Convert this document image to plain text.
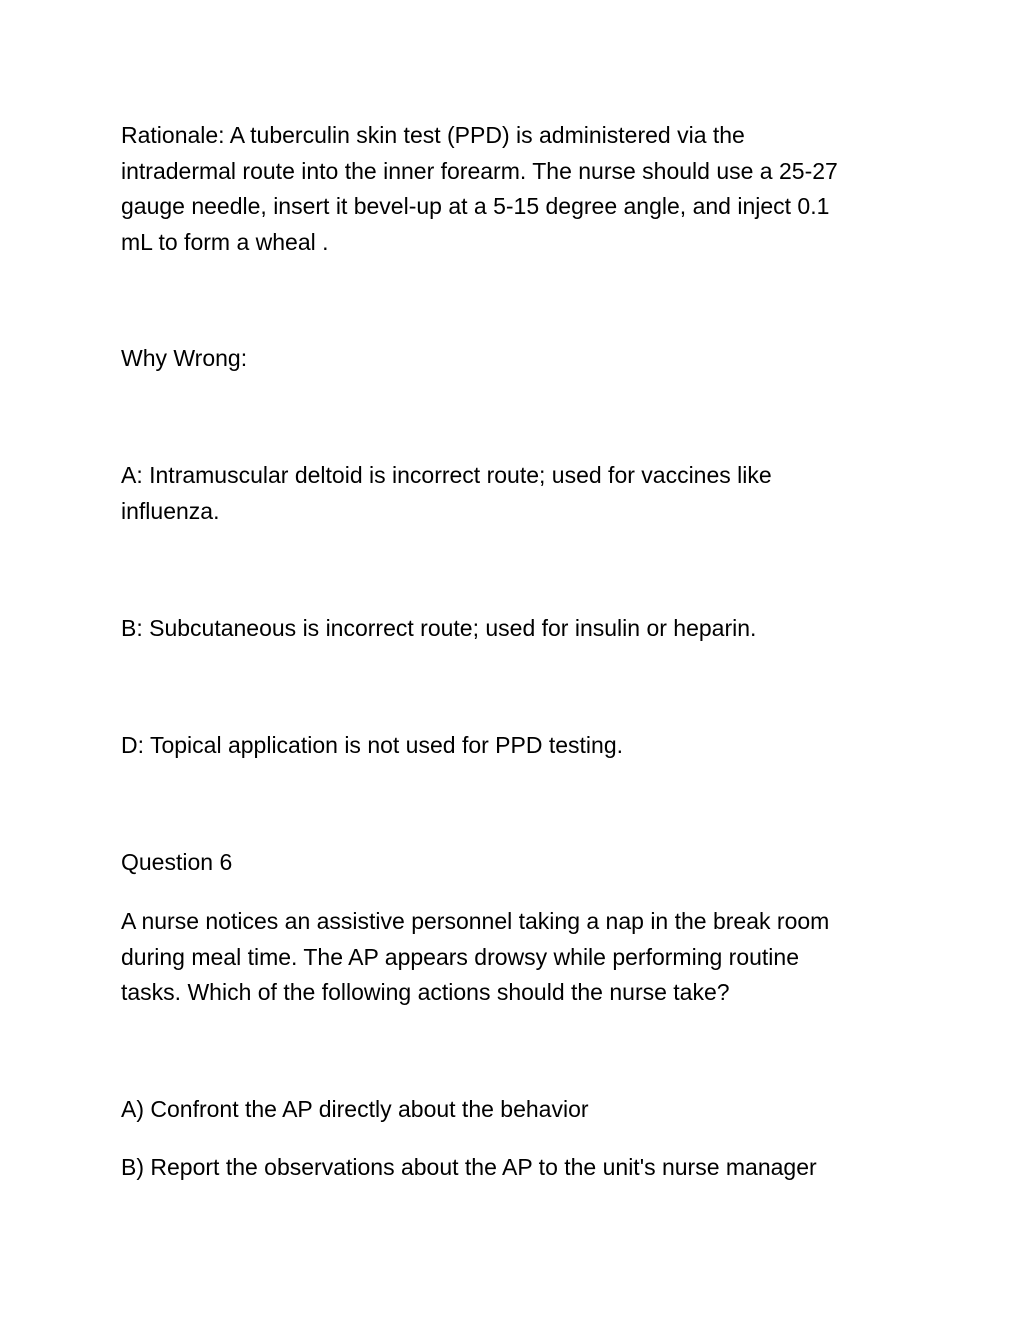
Rationale: A tuberculin skin test (PPD) is administered via the
intradermal route into the inner forearm. The nurse should use a 25-27
gauge needle, insert it bevel-up at a 5-15 degree angle, and inject 0.1
mL to form a wheal .

Why Wrong:

A: Intramuscular deltoid is incorrect route; used for vaccines like
influenza.

B: Subcutaneous is incorrect route; used for insulin or heparin.

D: Topical application is not used for PPD testing.

Question 6

A nurse notices an assistive personnel taking a nap in the break room
during meal time. The AP appears drowsy while performing routine
tasks. Which of the following actions should the nurse take?

A) Confront the AP directly about the behavior

B) Report the observations about the AP to the unit's nurse manager
